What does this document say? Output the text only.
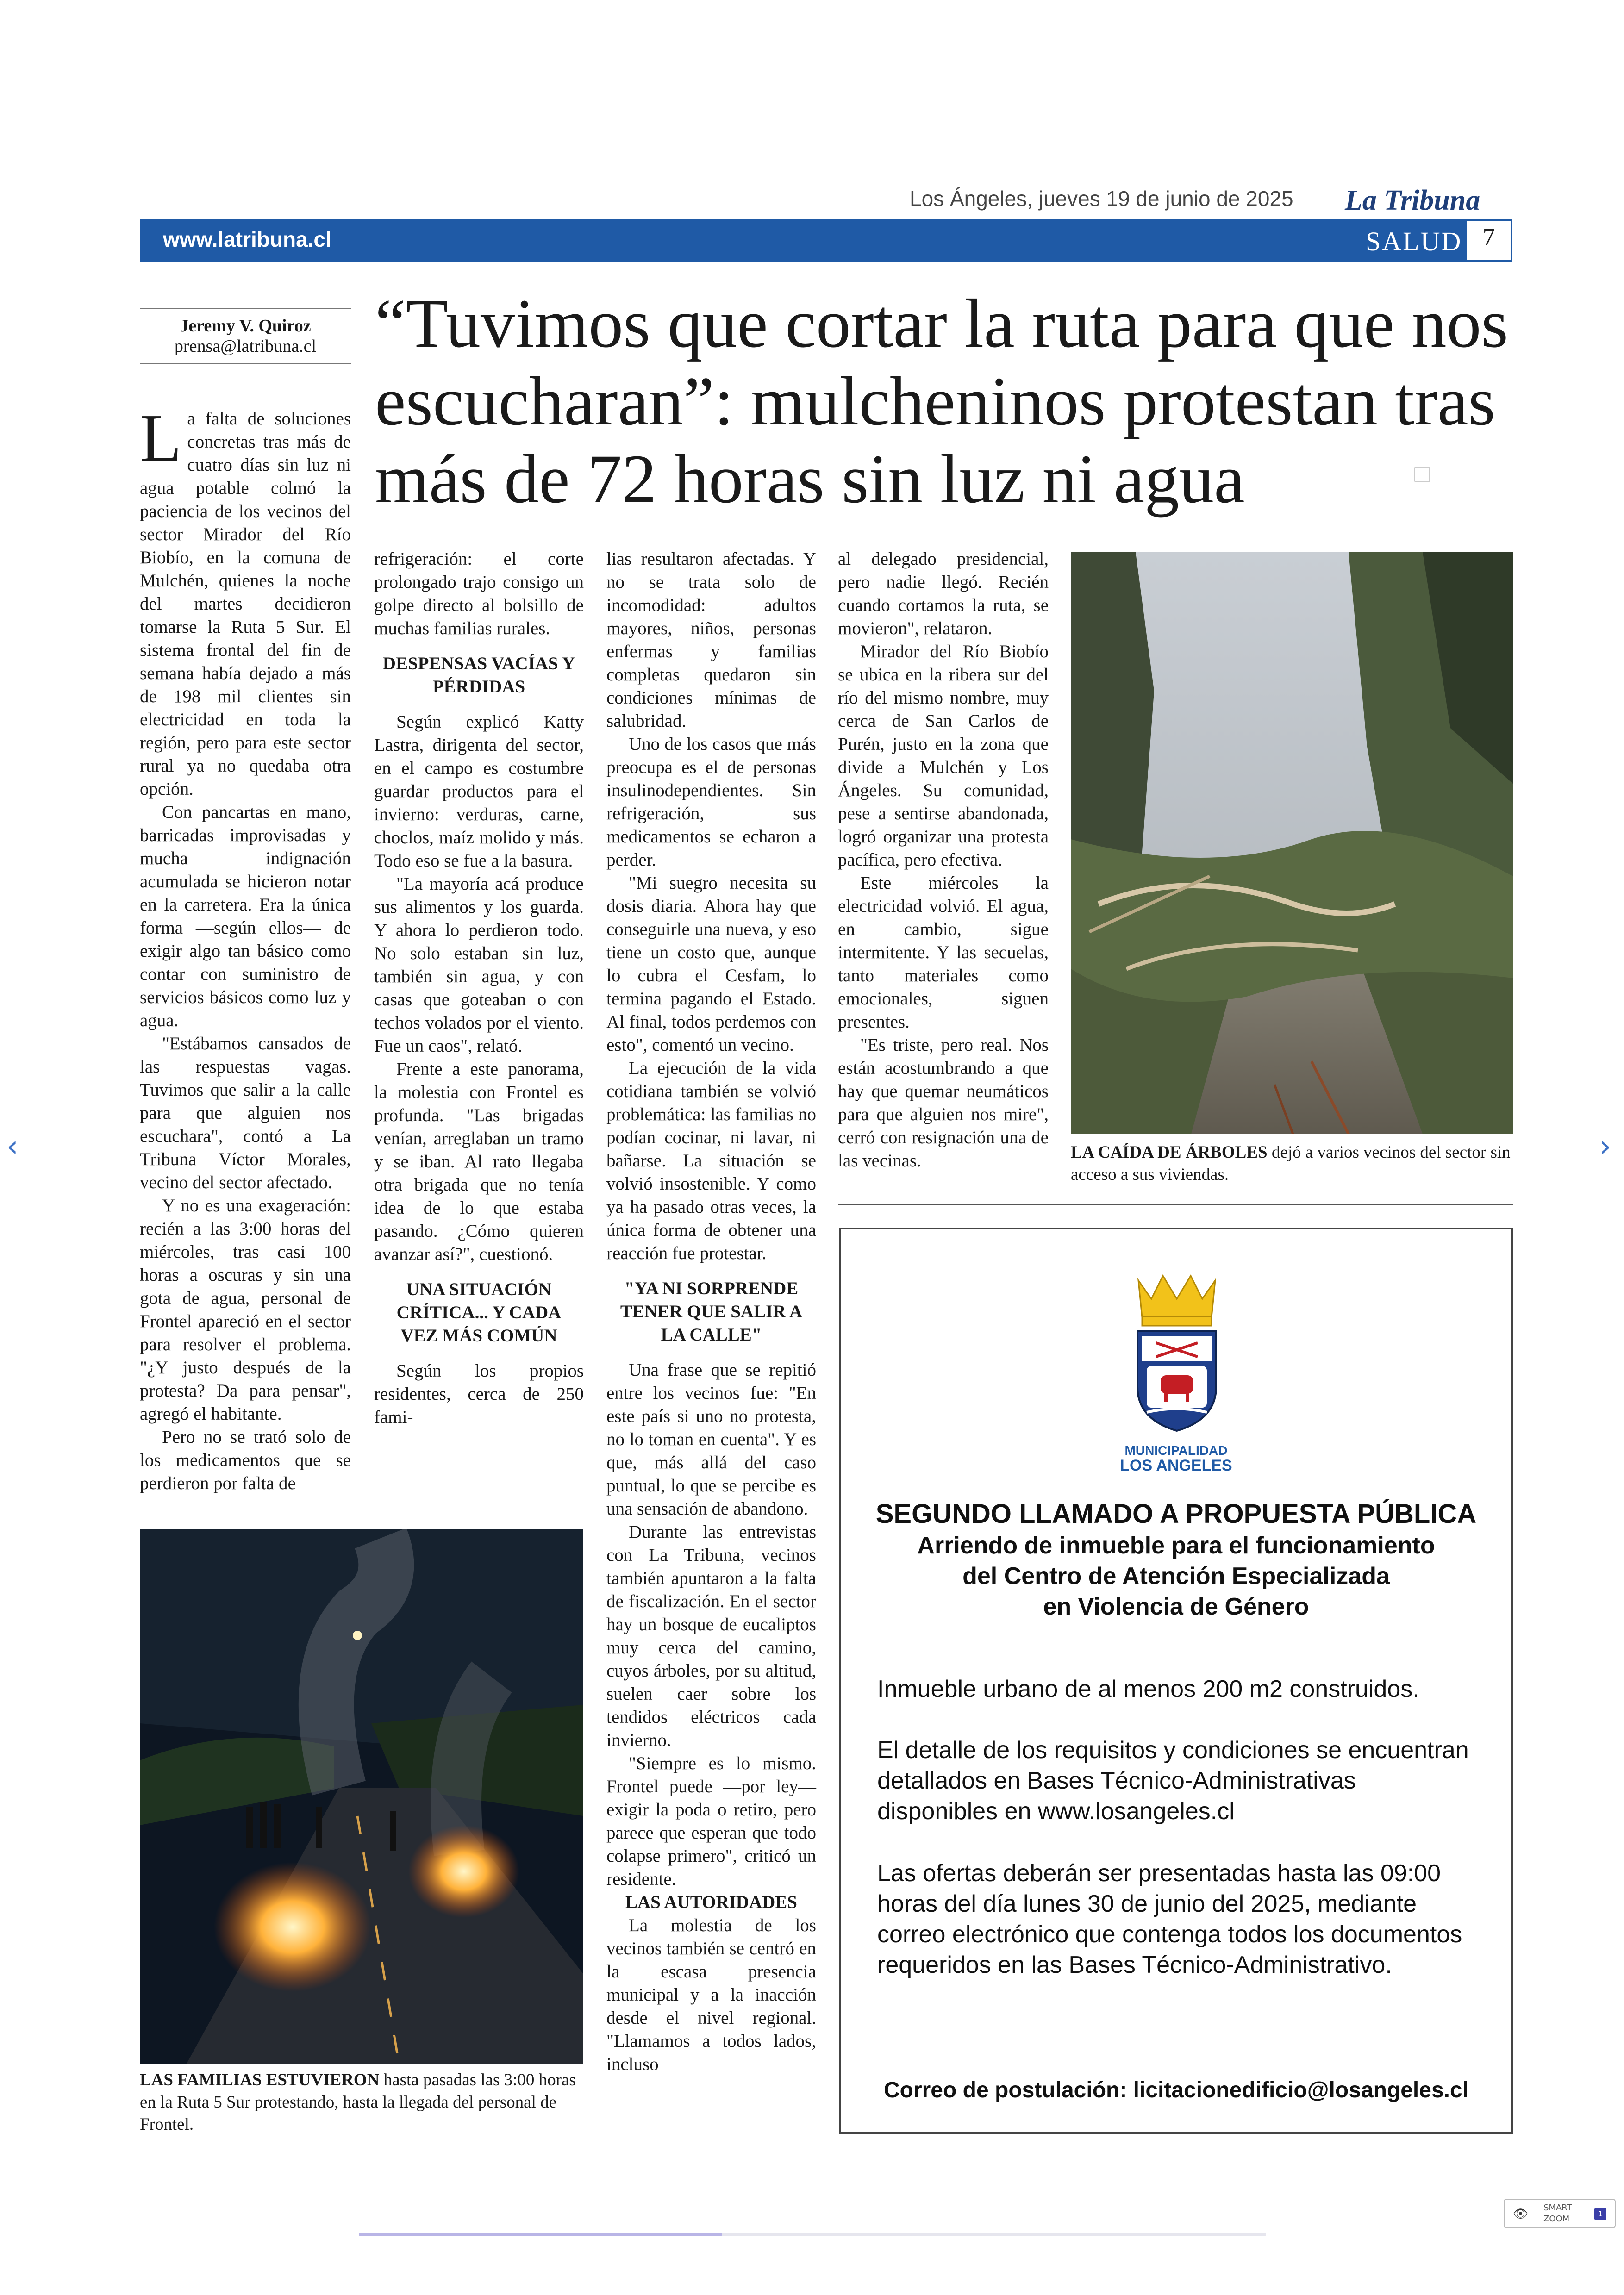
Los Ángeles, jueves 19 de junio de 2025 La Tribuna
www.latribuna.cl	SALUD 7
Jeremy V. Quiroz
prensa@latribuna.cl “Tuvimos que cortar la ruta para que nos escucharan”: mulcheninos protestan tras más de 72 horas sin luz ni agua

La falta de soluciones concretas tras más de cuatro días sin luz ni agua potable colmó la paciencia de los vecinos del sector Mirador del Río Biobío, en la comuna de Mulchén, quienes la noche del martes decidieron tomarse la Ruta 5 Sur. El sistema frontal del fin de semana había dejado a más de 198 mil clientes sin electricidad en toda la región, pero para este sector rural ya no quedaba otra opción.

Con pancartas en mano, barricadas improvisadas y mucha indignación acumulada se hicieron notar en la carretera. Era la única forma —según ellos— de exigir algo tan básico como contar con suministro de servicios básicos como luz y agua.

"Estábamos cansados de las respuestas vagas. Tuvimos que salir a la calle para que alguien nos escuchara", contó a La Tribuna Víctor Morales, vecino del sector afectado.

Y no es una exageración: recién a las 3:00 horas del miércoles, tras casi 100 horas a oscuras y sin una gota de agua, personal de Frontel apareció en el sector para resolver el problema. "¿Y justo después de la protesta? Da para pensar", agregó el habitante.

Pero no se trató solo de los medicamentos que se perdieron por falta de

refrigeración: el corte prolongado trajo consigo un golpe directo al bolsillo de muchas familias rurales.

DESPENSAS VACÍAS Y PÉRDIDAS

Según explicó Katty Lastra, dirigenta del sector, en el campo es costumbre guardar productos para el invierno: verduras, carne, choclos, maíz molido y más. Todo eso se fue a la basura.

"La mayoría acá produce sus alimentos y los guarda. Y ahora lo perdieron todo. No solo estaban sin luz, también sin agua, y con casas que goteaban o con techos volados por el viento. Fue un caos", relató.

Frente a este panorama, la molestia con Frontel es profunda. "Las brigadas venían, arreglaban un tramo y se iban. Al rato llegaba otra brigada que no tenía idea de lo que estaba pasando. ¿Cómo quieren avanzar así?", cuestionó.

UNA SITUACIÓN CRÍTICA... Y CADA VEZ MÁS COMÚN

Según los propios residentes, cerca de 250 fami-

lias resultaron afectadas. Y no se trata solo de incomodidad: adultos mayores, niños, personas enfermas y familias completas quedaron sin condiciones mínimas de salubridad.

Uno de los casos que más preocupa es el de personas insulinodependientes. Sin refrigeración, sus medicamentos se echaron a perder.

"Mi suegro necesita su dosis diaria. Ahora hay que conseguirle una nueva, y eso tiene un costo que, aunque lo cubra el Cesfam, lo termina pagando el Estado. Al final, todos perdemos con esto", comentó un vecino.

La ejecución de la vida cotidiana también se volvió problemática: las familias no podían cocinar, ni lavar, ni bañarse. La situación se volvió insostenible. Y como ya ha pasado otras veces, la única forma de obtener una reacción fue protestar.

"YA NI SORPRENDE TENER QUE SALIR A LA CALLE"

Una frase que se repitió entre los vecinos fue: "En este país si uno no protesta, no lo toman en cuenta". Y es que, más allá del caso puntual, lo que se percibe es una sensación de abandono.

Durante las entrevistas con La Tribuna, vecinos también apuntaron a la falta de fiscalización. En el sector hay un bosque de eucaliptos muy cerca del camino, cuyos árboles, por su altitud, suelen caer sobre los tendidos eléctricos cada invierno.

"Siempre es lo mismo. Frontel puede —por ley— exigir la poda o retiro, pero parece que esperan que todo colapse primero", criticó un residente.

LAS AUTORIDADES

La molestia de los vecinos también se centró en la escasa presencia municipal y a la inacción desde el nivel regional. "Llamamos a todos lados, incluso

al delegado presidencial, pero nadie llegó. Recién cuando cortamos la ruta, se movieron", relataron.

Mirador del Río Biobío se ubica en la ribera sur del río del mismo nombre, muy cerca de San Carlos de Purén, justo en la zona que divide a Mulchén y Los Ángeles. Su comunidad, pese a sentirse abandonada, logró organizar una protesta pacífica, pero efectiva.

Este miércoles la electricidad volvió. El agua, en cambio, sigue intermitente. Y las secuelas, tanto materiales como emocionales, siguen presentes.

"Es triste, pero real. Nos están acostumbrando a que hay que quemar neumáticos para que alguien nos mire", cerró con resignación una de las vecinas.	LA CAÍDA DE ÁRBOLES dejó a varios vecinos del sector sin acceso a sus viviendas.
LAS FAMILIAS ESTUVIERON hasta pasadas las 3:00 horas en la Ruta 5 Sur protestando, hasta la llegada del personal de Frontel.
MUNICIPALIDAD
LOS ANGELES
SEGUNDO LLAMADO A PROPUESTA PÚBLICA
Arriendo de inmueble para el funcionamiento
del Centro de Atención Especializada
en Violencia de Género
Inmueble urbano de al menos 200 m2 construidos.
El detalle de los requisitos y condiciones se encuentran detallados en Bases Técnico-Administrativas disponibles en www.losangeles.cl
Las ofertas deberán ser presentadas hasta las 09:00 horas del día lunes 30 de junio del 2025, mediante correo electrónico que contenga todos los documentos requeridos en las Bases Técnico-Administrativo.
Correo de postulación: licitacionedificio@losangeles.cl
‹	›
👁 SMART
ZOOM
1
